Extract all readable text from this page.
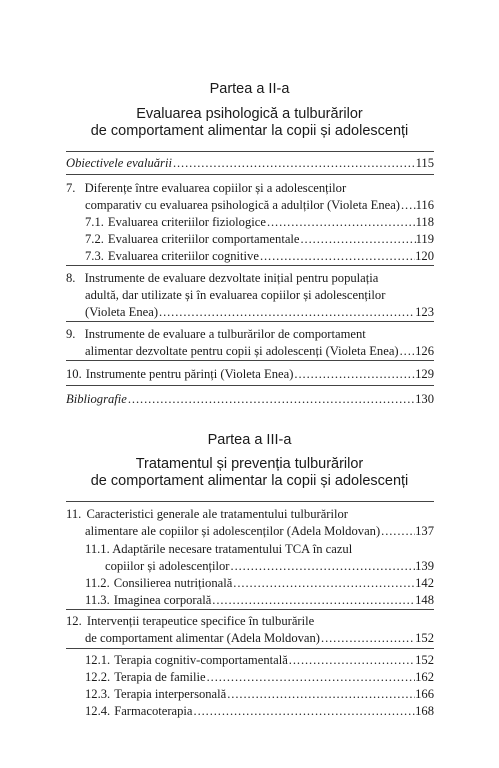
Partea a II-a
Evaluarea psihologică a tulburărilor
de comportament alimentar la copii și adolescenți
Obiectivele evaluării .....	115
7. Diferențe între evaluarea copiilor și a adolescenților
comparativ cu evaluarea psihologică a adulților (Violeta Enea) ..... 116
7.1. Evaluarea criteriilor fiziologice .....	118
7.2. Evaluarea criteriilor comportamentale .....	119
7.3. Evaluarea criteriilor cognitive .....	120
8. Instrumente de evaluare dezvoltate inițial pentru populația
adultă, dar utilizate și în evaluarea copiilor și adolescenților
(Violeta Enea) .....	123
9. Instrumente de evaluare a tulburărilor de comportament
alimentar dezvoltate pentru copii și adolescenți (Violeta Enea) ..... 126
10. Instrumente pentru părinți (Violeta Enea) .....	129
Bibliografie .....	130
Partea a III-a
Tratamentul și prevenția tulburărilor
de comportament alimentar la copii și adolescenți
11. Caracteristici generale ale tratamentului tulburărilor
alimentare ale copiilor și adolescenților (Adela Moldovan) .....	137
11.1. Adaptările necesare tratamentului TCA în cazul
copiilor și adolescenților .....	139
11.2. Consilierea nutrițională .....	142
11.3. Imaginea corporală .....	148
12. Intervenții terapeutice specifice în tulburările
de comportament alimentar (Adela Moldovan) .....	152
12.1. Terapia cognitiv-comportamentală .....	152
12.2. Terapia de familie .....	162
12.3. Terapia interpersonală .....	166
12.4. Farmacoterapia .....	168
